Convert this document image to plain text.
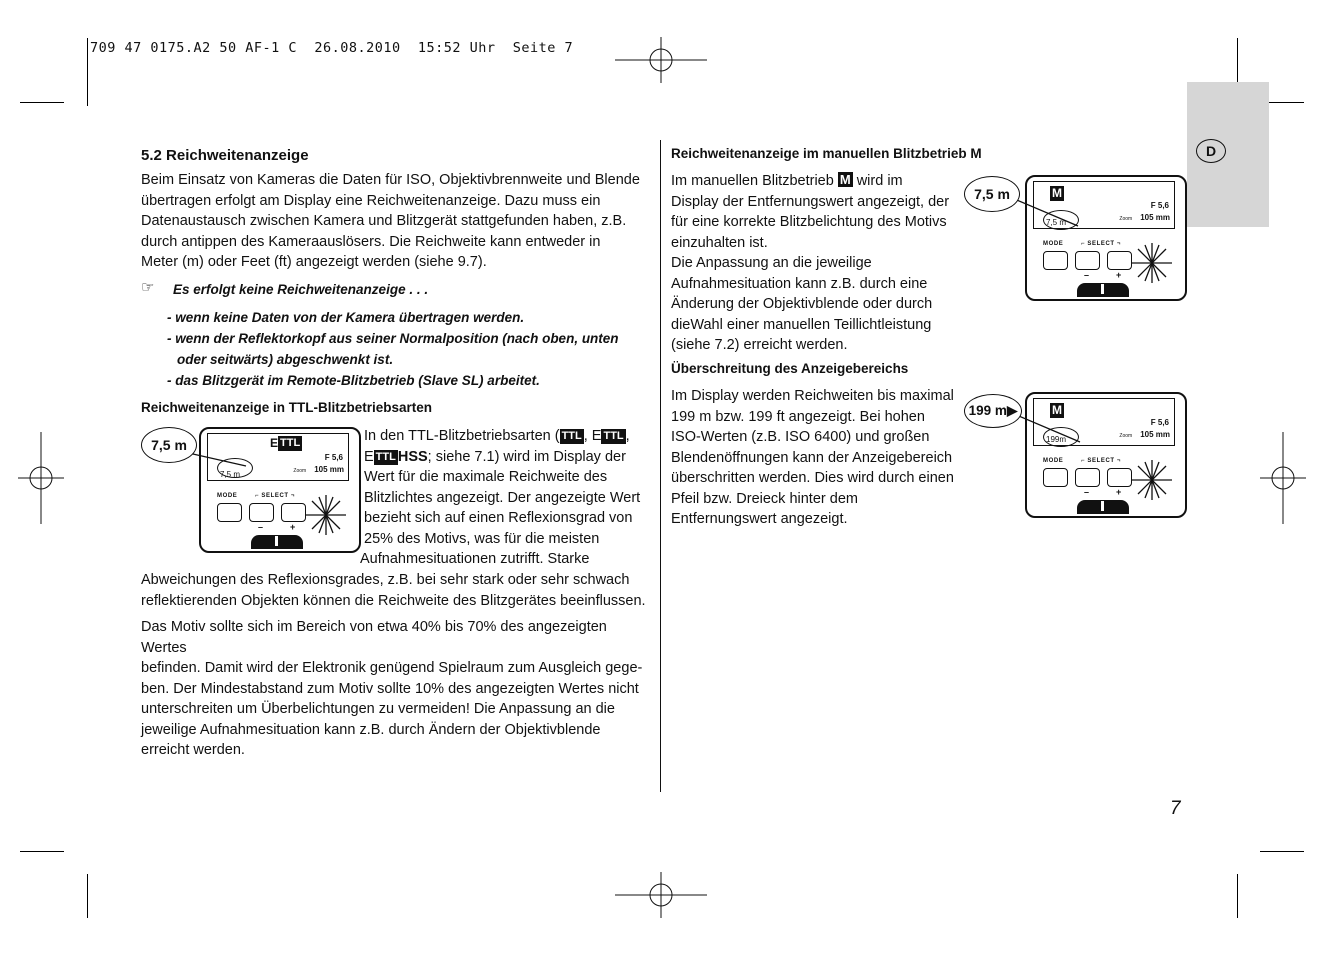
709 47 0175.A2 50 AF-1 C  26.08.2010  15:52 Uhr  Seite 7
D
5.2 Reichweitenanzeige
Beim Einsatz von Kameras die Daten für ISO, Objektivbrennweite und Blende
übertragen erfolgt am Display eine Reichweitenanzeige. Dazu muss ein
Datenaustausch zwischen Kamera und Blitzgerät stattgefunden haben, z.B.
durch antippen des Kameraauslösers. Die Reichweite kann entweder in
Meter (m) oder Feet (ft) angezeigt werden (siehe 9.7).
☞ Es erfolgt keine Reichweitenanzeige . . .
- wenn keine Daten von der Kamera übertragen werden.
- wenn der Reflektorkopf aus seiner Normalposition (nach oben, unten
oder seitwärts) abgeschwenkt ist.
- das Blitzgerät im Remote-Blitzbetrieb (Slave SL) arbeitet.
Reichweitenanzeige in TTL-Blitzbetriebsarten
E TTL
F 5,6
Zoom 105 mm
7,5 m
MODE	⌐ SELECT ¬
–	+
7,5 m
In den TTL-Blitzbetriebsarten ( TTL , E TTL ,
E TTL HSS; siehe 7.1) wird im Display der
Wert für die maximale Reichweite des
Blitzlichtes angezeigt. Der angezeigte Wert
bezieht sich auf einen Reflexionsgrad von
25% des Motivs, was für die meisten
Aufnahmesituationen zutrifft. Starke
Abweichungen des Reflexionsgrades, z.B. bei sehr stark oder sehr schwach
reflektierenden Objekten können die Reichweite des Blitzgerätes beeinflussen.
Das Motiv sollte sich im Bereich von etwa 40% bis 70% des angezeigten Wertes
befinden. Damit wird der Elektronik genügend Spielraum zum Ausgleich gege-
ben. Der Mindestabstand zum Motiv sollte 10% des angezeigten Wertes nicht
unterschreiten um Überbelichtungen zu vermeiden! Die Anpassung an die
jeweilige Aufnahmesituation kann z.B. durch Ändern der Objektivblende
erreicht werden.
Reichweitenanzeige im manuellen Blitzbetrieb M
Im manuellen Blitzbetrieb M wird im
Display der Entfernungswert angezeigt, der
für eine korrekte Blitzbelichtung des Motivs
einzuhalten ist.
Die Anpassung an die jeweilige
Aufnahmesituation kann z.B. durch eine
Änderung der Objektivblende oder durch
dieWahl einer manuellen Teillichtleistung
(siehe 7.2) erreicht werden.
M
F 5,6
Zoom 105 mm
7,5 m
MODE	⌐ SELECT ¬
–	+
7,5 m
Überschreitung des Anzeigebereichs
Im Display werden Reichweiten bis maximal
199 m bzw. 199 ft angezeigt. Bei hohen
ISO-Werten (z.B. ISO 6400) und großen
Blendenöffnungen kann der Anzeigebereich
überschritten werden. Dies wird durch einen
Pfeil bzw. Dreieck hinter dem
Entfernungswert angezeigt.
M
F 5,6
Zoom 105 mm
199m
MODE	⌐ SELECT ¬
–	+
199 m▶
7
